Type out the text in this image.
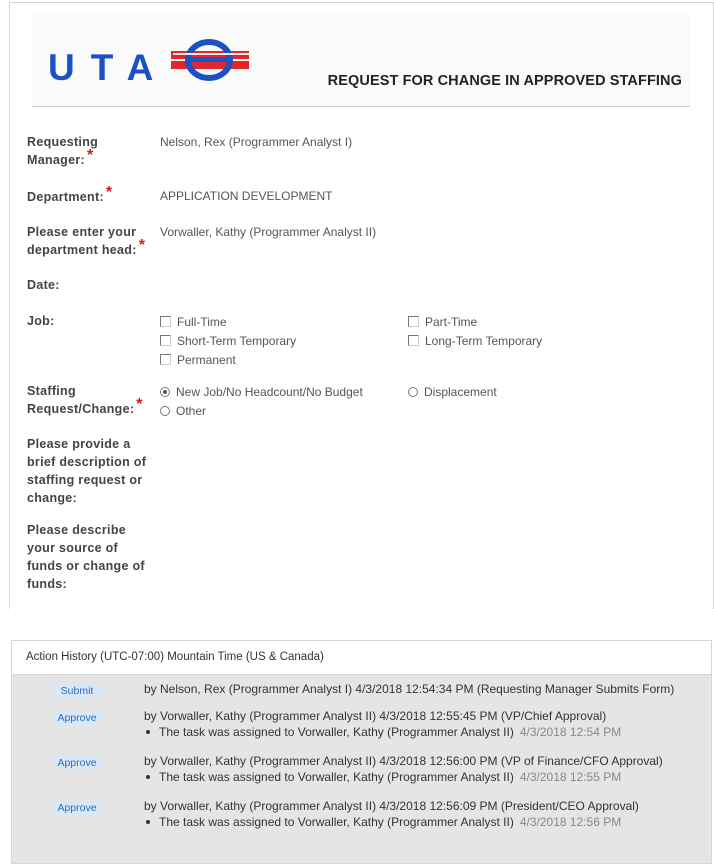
UTA	REQUEST FOR CHANGE IN APPROVED STAFFING
Requesting
Manager: *
Nelson, Rex (Programmer Analyst I)
Department: *	APPLICATION DEVELOPMENT
Please enter your
department head: *
Vorwaller, Kathy (Programmer Analyst II)
Date:
Job:	Full-Time	Part-Time
Short-Term Temporary	Long-Term Temporary
Permanent
Staffing
Request/Change: *
New Job/No Headcount/No Budget	Displacement
Other
Please provide a
brief description of
staffing request or
change:
Please describe
your source of
funds or change of
funds:
Action History (UTC-07:00) Mountain Time (US & Canada)
Submit	by Nelson, Rex (Programmer Analyst I) 4/3/2018 12:54:34 PM (Requesting Manager Submits Form)
Approve	by Vorwaller, Kathy (Programmer Analyst II) 4/3/2018 12:55:45 PM (VP/Chief Approval)
The task was assigned to Vorwaller, Kathy (Programmer Analyst II) 4/3/2018 12:54 PM
Approve	by Vorwaller, Kathy (Programmer Analyst II) 4/3/2018 12:56:00 PM (VP of Finance/CFO Approval)
The task was assigned to Vorwaller, Kathy (Programmer Analyst II) 4/3/2018 12:55 PM
Approve	by Vorwaller, Kathy (Programmer Analyst II) 4/3/2018 12:56:09 PM (President/CEO Approval)
The task was assigned to Vorwaller, Kathy (Programmer Analyst II) 4/3/2018 12:56 PM
